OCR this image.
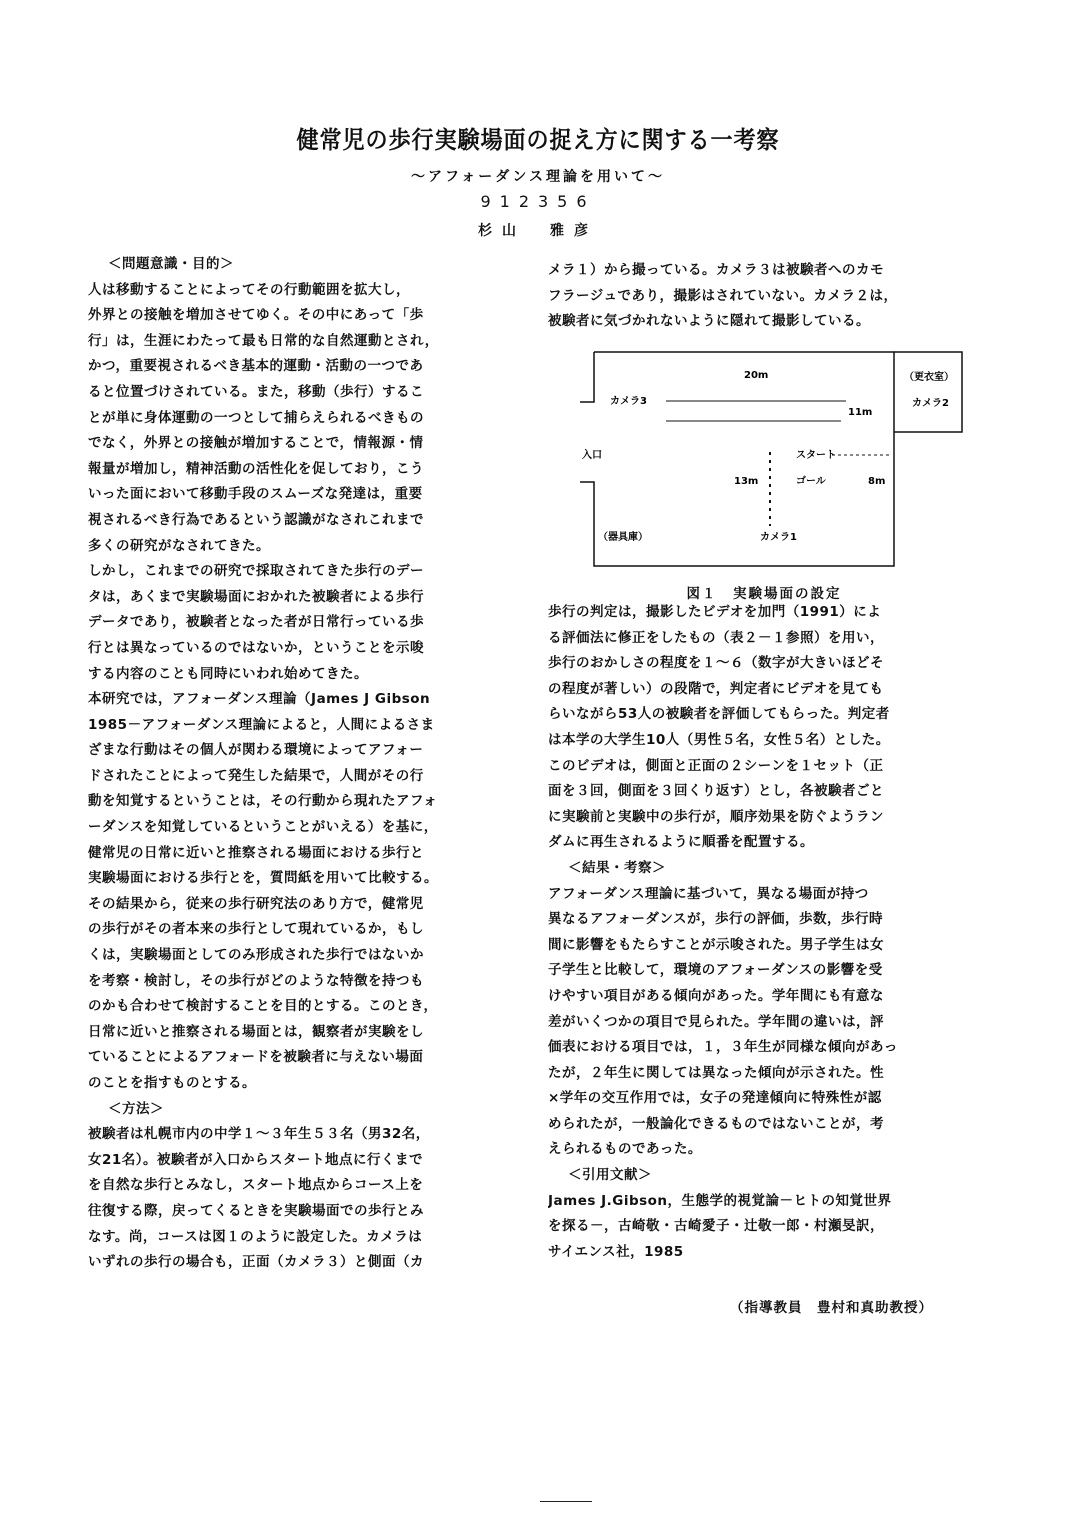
健常児の歩行実験場面の捉え方に関する一考察
～アフォーダンス理論を用いて～
912356
杉山　雅彦
＜問題意識・目的＞
人は移動することによってその行動範囲を拡大し，
外界との接触を増加させてゆく。その中にあって「歩
行」は，生涯にわたって最も日常的な自然運動とされ，
かつ，重要視されるべき基本的運動・活動の一つであ
ると位置づけされている。また，移動（歩行）するこ
とが単に身体運動の一つとして捕らえられるべきもの
でなく，外界との接触が増加することで，情報源・情
報量が増加し，精神活動の活性化を促しており，こう
いった面において移動手段のスムーズな発達は，重要
視されるべき行為であるという認識がなされこれまで
多くの研究がなされてきた。
しかし，これまでの研究で採取されてきた歩行のデー
タは，あくまで実験場面におかれた被験者による歩行
データであり，被験者となった者が日常行っている歩
行とは異なっているのではないか，ということを示唆
する内容のことも同時にいわれ始めてきた。
本研究では，アフォーダンス理論（James J Gibson
1985－アフォーダンス理論によると，人間によるさま
ざまな行動はその個人が関わる環境によってアフォー
ドされたことによって発生した結果で，人間がその行
動を知覚するということは，その行動から現れたアフォ
ーダンスを知覚しているということがいえる）を基に，
健常児の日常に近いと推察される場面における歩行と
実験場面における歩行とを，質問紙を用いて比較する。
その結果から，従来の歩行研究法のあり方で，健常児
の歩行がその者本来の歩行として現れているか，もし
くは，実験場面としてのみ形成された歩行ではないか
を考察・検討し，その歩行がどのような特徴を持つも
のかも合わせて検討することを目的とする。このとき，
日常に近いと推察される場面とは，観察者が実験をし
ていることによるアフォードを被験者に与えない場面
のことを指すものとする。
＜方法＞
被験者は札幌市内の中学１～３年生５３名（男32名，
女21名）。被験者が入口からスタート地点に行くまで
を自然な歩行とみなし，スタート地点からコース上を
往復する際，戻ってくるときを実験場面での歩行とみ
なす。尚，コースは図１のように設定した。カメラは
いずれの歩行の場合も，正面（カメラ３）と側面（カ
メラ１）から撮っている。カメラ３は被験者へのカモ
フラージュであり，撮影はされていない。カメラ２は，
被験者に気づかれないように隠れて撮影している。
20m
カメラ3
（更衣室）
カメラ2
11m
入口	スタート
13m	ゴール	8m
（器具庫）	カメラ1
図１　実験場面の設定
歩行の判定は，撮影したビデオを加門（1991）によ
る評価法に修正をしたもの（表２－１参照）を用い，
歩行のおかしさの程度を１～６（数字が大きいほどそ
の程度が著しい）の段階で，判定者にビデオを見ても
らいながら53人の被験者を評価してもらった。判定者
は本学の大学生10人（男性５名，女性５名）とした。
このビデオは，側面と正面の２シーンを１セット（正
面を３回，側面を３回くり返す）とし，各被験者ごと
に実験前と実験中の歩行が，順序効果を防ぐようラン
ダムに再生されるように順番を配置する。
＜結果・考察＞
アフォーダンス理論に基づいて，異なる場面が持つ
異なるアフォーダンスが，歩行の評価，歩数，歩行時
間に影響をもたらすことが示唆された。男子学生は女
子学生と比較して，環境のアフォーダンスの影響を受
けやすい項目がある傾向があった。学年間にも有意な
差がいくつかの項目で見られた。学年間の違いは，評
価表における項目では，１，３年生が同様な傾向があっ
たが，２年生に関しては異なった傾向が示された。性
×学年の交互作用では，女子の発達傾向に特殊性が認
められたが，一般論化できるものではないことが，考
えられるものであった。
＜引用文献＞
James J.Gibson，生態学的視覚論－ヒトの知覚世界
を探る－，古崎敬・古崎愛子・辻敬一郎・村瀬旻訳，
サイエンス社，1985
（指導教員　豊村和真助教授）
